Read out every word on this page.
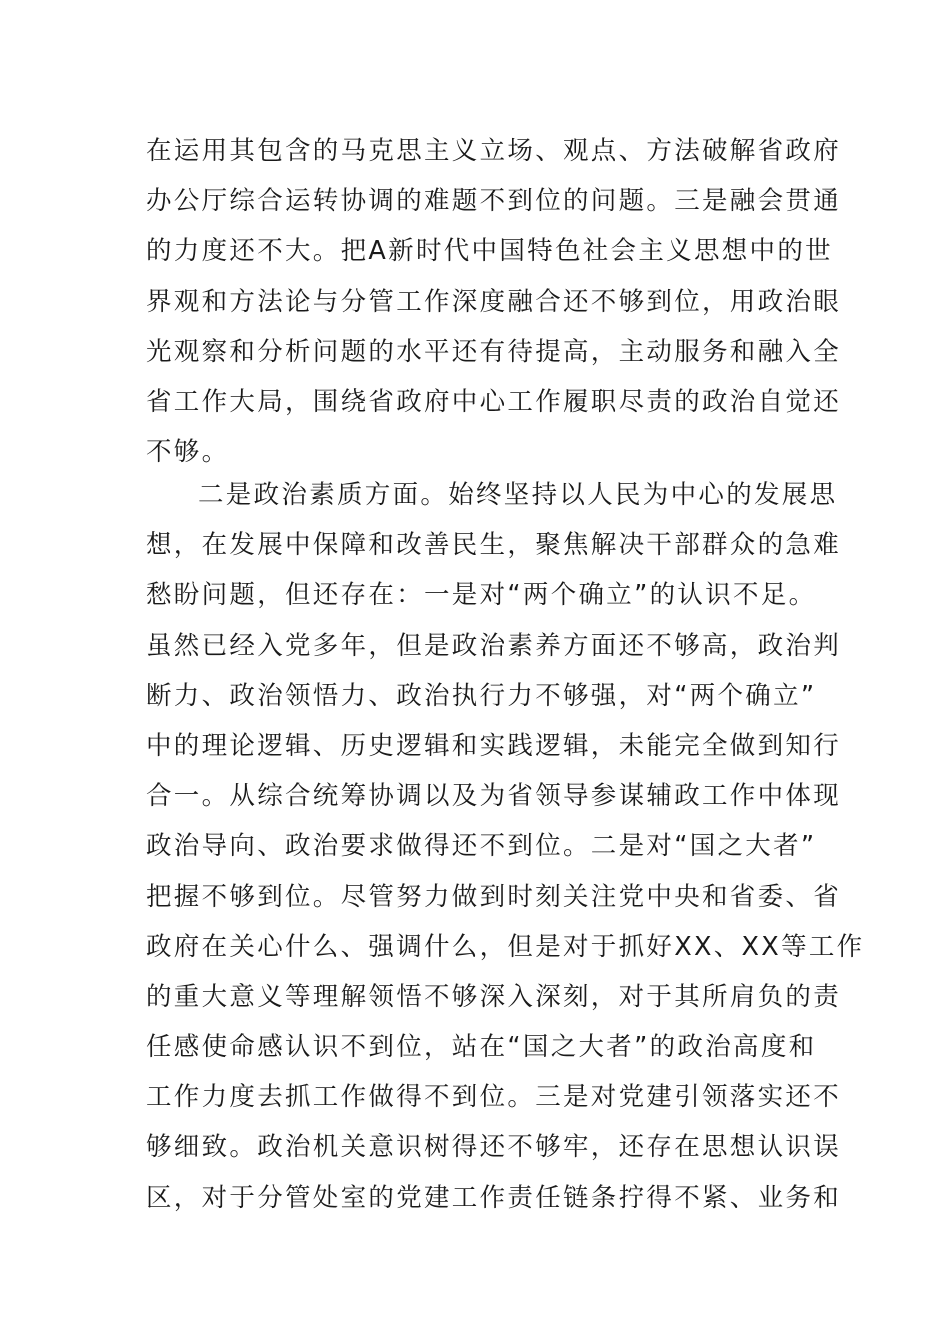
在运用其包含的马克思主义立场、观点、方法破解省政府
办公厅综合运转协调的难题不到位的问题。三是融会贯通
的力度还不大。把A新时代中国特色社会主义思想中的世
界观和方法论与分管工作深度融合还不够到位，用政治眼
光观察和分析问题的水平还有待提高，主动服务和融入全
省工作大局，围绕省政府中心工作履职尽责的政治自觉还
不够。
二是政治素质方面。始终坚持以人民为中心的发展思
想，在发展中保障和改善民生，聚焦解决干部群众的急难
愁盼问题，但还存在：一是对“两个确立”的认识不足。
虽然已经入党多年，但是政治素养方面还不够高，政治判
断力、政治领悟力、政治执行力不够强，对“两个确立”
中的理论逻辑、历史逻辑和实践逻辑，未能完全做到知行
合一。从综合统筹协调以及为省领导参谋辅政工作中体现
政治导向、政治要求做得还不到位。二是对“国之大者”
把握不够到位。尽管努力做到时刻关注党中央和省委、省
政府在关心什么、强调什么，但是对于抓好XX、XX等工作
的重大意义等理解领悟不够深入深刻，对于其所肩负的责
任感使命感认识不到位，站在“国之大者”的政治高度和
工作力度去抓工作做得不到位。三是对党建引领落实还不
够细致。政治机关意识树得还不够牢，还存在思想认识误
区，对于分管处室的党建工作责任链条拧得不紧、业务和
